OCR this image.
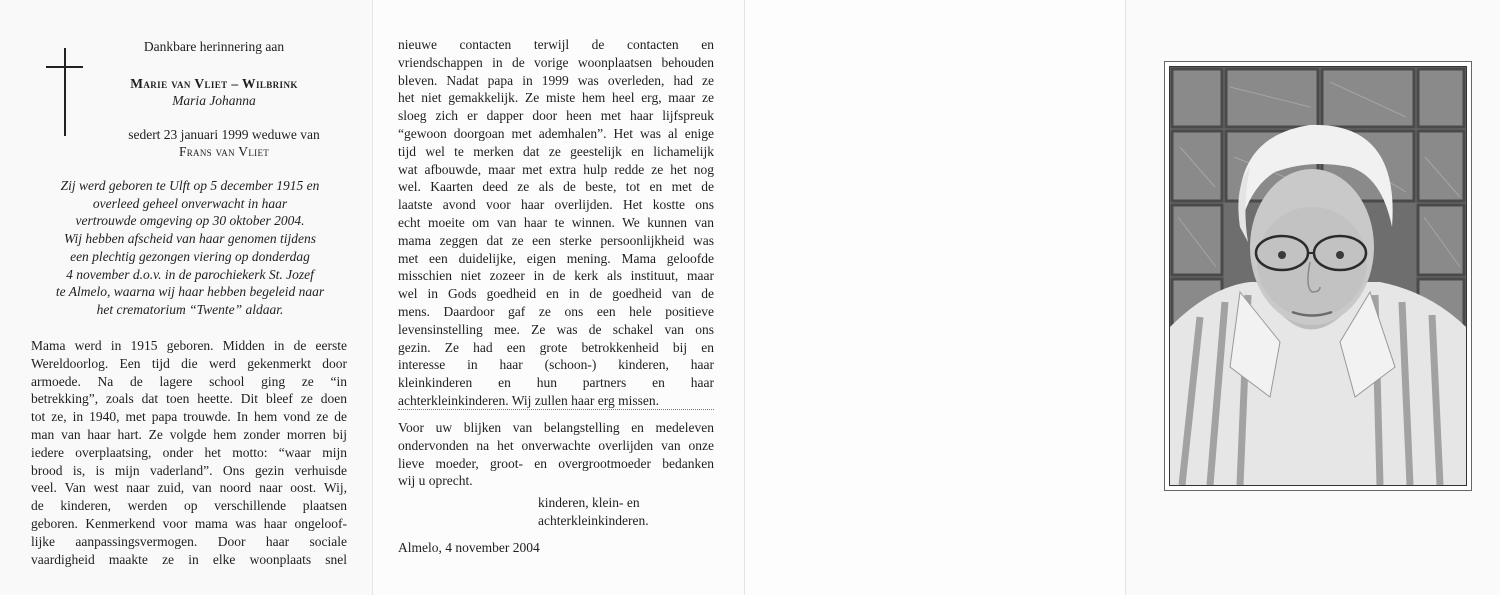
Dankbare herinnering aan
Marie van Vliet – Wilbrink
Maria Johanna
sedert 23 januari 1999 weduwe van
Frans van Vliet
Zij werd geboren te Ulft op 5 december 1915 en
overleed geheel onverwacht in haar
vertrouwde omgeving op 30 oktober 2004.
Wij hebben afscheid van haar genomen tijdens
een plechtig gezongen viering op donderdag
4 november d.o.v. in de parochiekerk St. Jozef
te Almelo, waarna wij haar hebben begeleid naar
het crematorium “Twente” aldaar.
Mama werd in 1915 geboren. Midden in de eerste
Wereldoorlog. Een tijd die werd gekenmerkt door
armoede. Na de lagere school ging ze “in
betrekking”, zoals dat toen heette. Dit bleef ze doen
tot ze, in 1940, met papa trouwde. In hem vond ze de
man van haar hart. Ze volgde hem zonder morren bij
iedere overplaatsing, onder het motto: “waar mijn
brood is, is mijn vaderland”. Ons gezin verhuisde
veel. Van west naar zuid, van noord naar oost. Wij,
de kinderen, werden op verschillende plaatsen
geboren. Kenmerkend voor mama was haar ongeloof-
lijke aanpassingsvermogen. Door haar sociale
vaardigheid maakte ze in elke woonplaats snel
nieuwe contacten terwijl de contacten en
vriendschappen in de vorige woonplaatsen behouden
bleven. Nadat papa in 1999 was overleden, had ze
het niet gemakkelijk. Ze miste hem heel erg, maar ze
sloeg zich er dapper door heen met haar lijfspreuk
“gewoon doorgoan met ademhalen”. Het was al enige
tijd wel te merken dat ze geestelijk en lichamelijk
wat afbouwde, maar met extra hulp redde ze het nog
wel. Kaarten deed ze als de beste, tot en met de
laatste avond voor haar overlijden. Het kostte ons
echt moeite om van haar te winnen. We kunnen van
mama zeggen dat ze een sterke persoonlijkheid was
met een duidelijke, eigen mening. Mama geloofde
misschien niet zozeer in de kerk als instituut, maar
wel in Gods goedheid en in de goedheid van de
mens. Daardoor gaf ze ons een hele positieve
levensinstelling mee. Ze was de schakel van ons
gezin. Ze had een grote betrokkenheid bij en
interesse in haar (schoon-) kinderen, haar
kleinkinderen en hun partners en haar
achterkleinkinderen. Wij zullen haar erg missen.
Voor uw blijken van belangstelling en medeleven
ondervonden na het onverwachte overlijden van onze
lieve moeder, groot- en overgrootmoeder bedanken
wij u oprecht.
kinderen, klein- en
achterkleinkinderen.
Almelo, 4 november 2004
